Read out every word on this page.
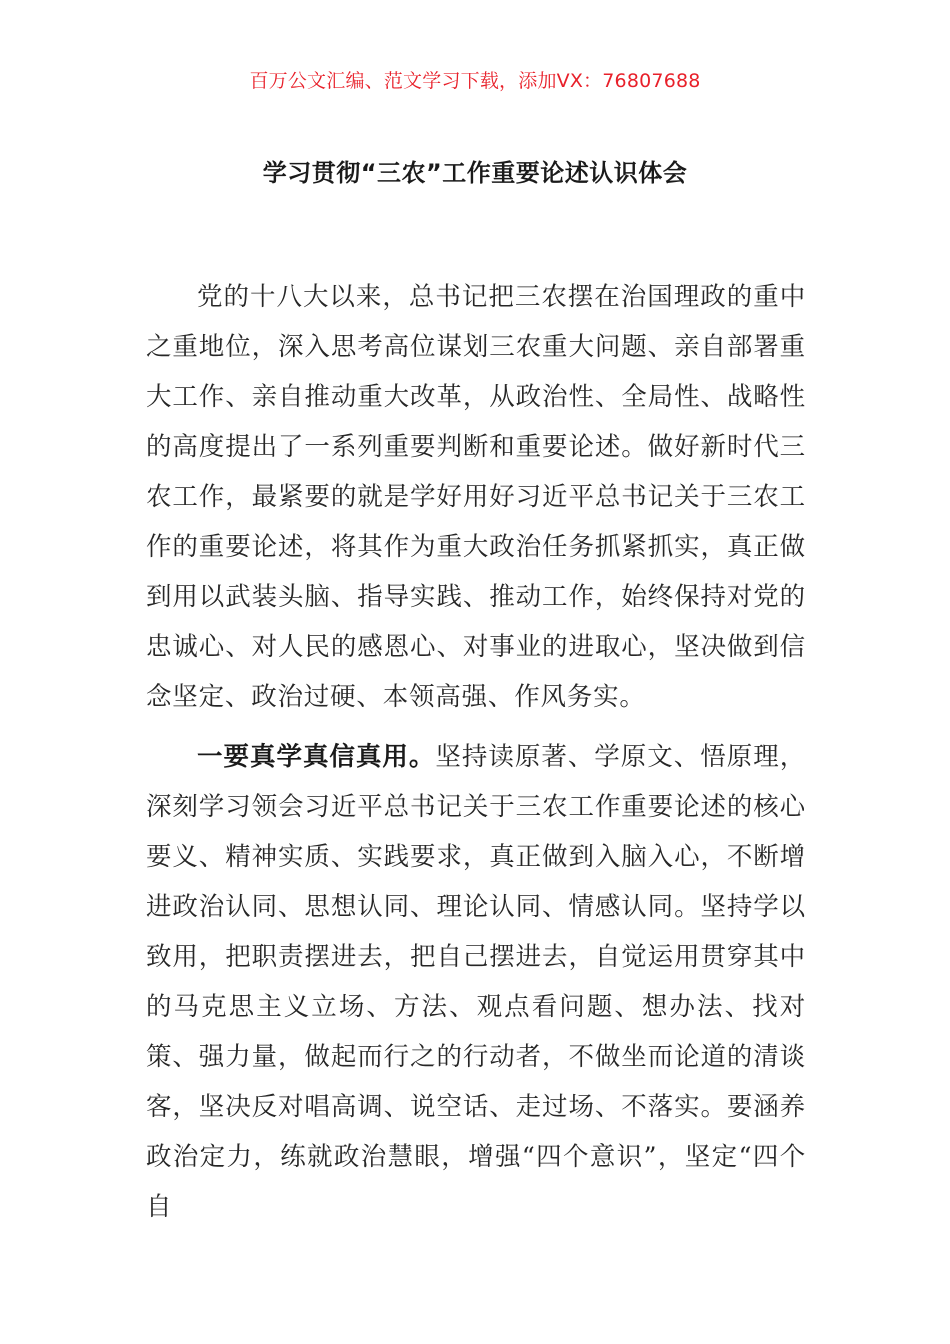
百万公文汇编、范文学习下载，添加VX：76807688
学习贯彻“三农”工作重要论述认识体会

党的十八大以来，总书记把三农摆在治国理政的重中之重地位，深入思考高位谋划三农重大问题、亲自部署重大工作、亲自推动重大改革，从政治性、全局性、战略性的高度提出了一系列重要判断和重要论述。做好新时代三农工作，最紧要的就是学好用好习近平总书记关于三农工作的重要论述，将其作为重大政治任务抓紧抓实，真正做到用以武装头脑、指导实践、推动工作，始终保持对党的忠诚心、对人民的感恩心、对事业的进取心，坚决做到信念坚定、政治过硬、本领高强、作风务实。

一要真学真信真用。坚持读原著、学原文、悟原理，深刻学习领会习近平总书记关于三农工作重要论述的核心要义、精神实质、实践要求，真正做到入脑入心，不断增进政治认同、思想认同、理论认同、情感认同。坚持学以致用，把职责摆进去，把自己摆进去，自觉运用贯穿其中的马克思主义立场、方法、观点看问题、想办法、找对策、强力量，做起而行之的行动者，不做坐而论道的清谈客，坚决反对唱高调、说空话、走过场、不落实。要涵养政治定力，练就政治慧眼，增强“四个意识”，坚定“四个自
